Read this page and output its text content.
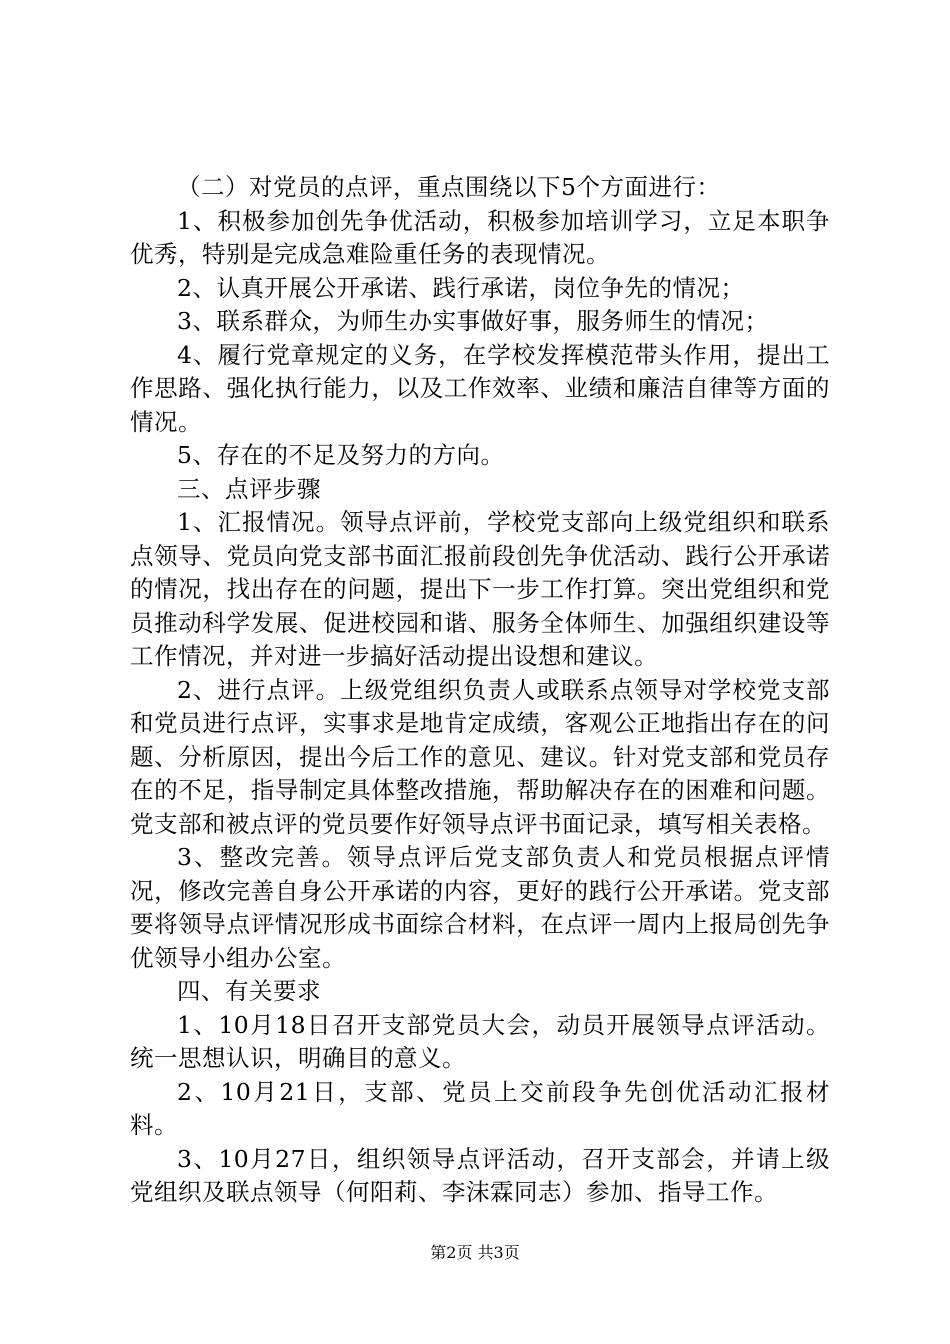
（二）对党员的点评，重点围绕以下5个方面进行：

1、积极参加创先争优活动，积极参加培训学习，立足本职争优秀，特别是完成急难险重任务的表现情况。

2、认真开展公开承诺、践行承诺，岗位争先的情况；

3、联系群众，为师生办实事做好事，服务师生的情况；

4、履行党章规定的义务，在学校发挥模范带头作用，提出工作思路、强化执行能力，以及工作效率、业绩和廉洁自律等方面的情况。

5、存在的不足及努力的方向。

三、点评步骤

1、汇报情况。领导点评前，学校党支部向上级党组织和联系点领导、党员向党支部书面汇报前段创先争优活动、践行公开承诺的情况，找出存在的问题，提出下一步工作打算。突出党组织和党员推动科学发展、促进校园和谐、服务全体师生、加强组织建设等工作情况，并对进一步搞好活动提出设想和建议。

2、进行点评。上级党组织负责人或联系点领导对学校党支部和党员进行点评，实事求是地肯定成绩，客观公正地指出存在的问题、分析原因，提出今后工作的意见、建议。针对党支部和党员存在的不足，指导制定具体整改措施，帮助解决存在的困难和问题。党支部和被点评的党员要作好领导点评书面记录，填写相关表格。

3、整改完善。领导点评后党支部负责人和党员根据点评情况，修改完善自身公开承诺的内容，更好的践行公开承诺。党支部要将领导点评情况形成书面综合材料，在点评一周内上报局创先争优领导小组办公室。

四、有关要求

1、10月18日召开支部党员大会，动员开展领导点评活动。统一思想认识，明确目的意义。

2、10月21日，支部、党员上交前段争先创优活动汇报材料。

3、10月27日，组织领导点评活动，召开支部会，并请上级党组织及联点领导（何阳莉、李沫霖同志）参加、指导工作。

第2页 共3页
